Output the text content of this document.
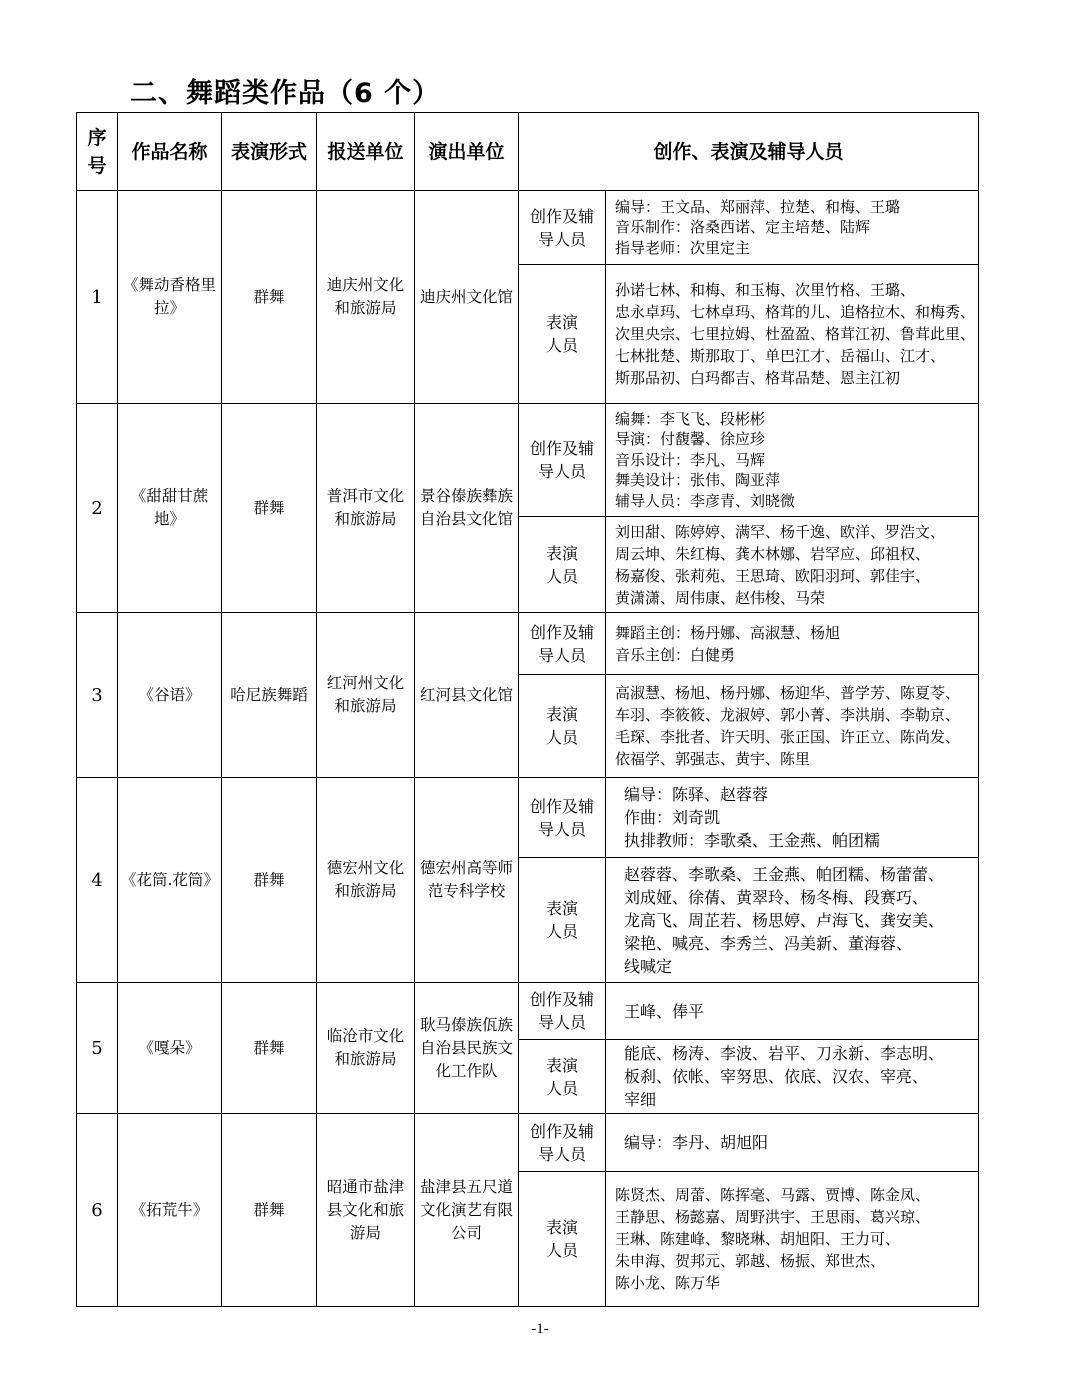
二、舞蹈类作品（6 个）
序号	作品名称	表演形式	报送单位	演出单位	创作、表演及辅导人员	
1	《舞动香格里拉》	群舞	迪庆州文化和旅游局	迪庆州文化馆	创作及辅导人员	编导：王文品、郑丽萍、拉楚、和梅、王璐
音乐制作：洛桑西诺、定主培楚、陆辉
指导老师：次里定主

					表演人员	孙诺七林、和梅、和玉梅、次里竹格、王璐、
忠永卓玛、七林卓玛、格茸的儿、追格拉木、和梅秀、
次里央宗、七里拉姆、杜盈盈、格茸江初、鲁茸此里、
七林批楚、斯那取丁、单巴江才、岳福山、江才、
斯那品初、白玛都吉、格茸品楚、恩主江初

2	《甜甜甘蔗地》	群舞	普洱市文化和旅游局	景谷傣族彝族自治县文化馆	创作及辅导人员	编舞：李飞飞、段彬彬
导演：付馥馨、徐应珍
音乐设计：李凡、马辉
舞美设计：张伟、陶亚萍
辅导人员：李彦青、刘晓微

					表演人员	刘田甜、陈婷婷、满罕、杨千逸、欧洋、罗浩文、
周云坤、朱红梅、龚木林娜、岩罕应、邱祖权、
杨嘉俊、张莉苑、王思琦、欧阳羽珂、郭佳宇、
黄潇潇、周伟康、赵伟梭、马荣

3	《谷语》	哈尼族舞蹈	红河州文化和旅游局	红河县文化馆	创作及辅导人员	舞蹈主创：杨丹娜、高淑慧、杨旭
音乐主创：白健勇

					表演人员	高淑慧、杨旭、杨丹娜、杨迎华、普学芳、陈夏苓、
车羽、李筱筱、龙淑婷、郭小菁、李洪崩、李勒京、
毛琛、李批者、许天明、张正国、许正立、陈尚发、
依福学、郭强志、黄宇、陈里

4	《花筒.花筒》	群舞	德宏州文化和旅游局	德宏州高等师范专科学校	创作及辅导人员	编导：陈驿、赵蓉蓉
作曲：刘奇凯
执排教师：李歌桑、王金燕、帕团糯

					表演人员	赵蓉蓉、李歌桑、王金燕、帕团糯、杨蕾蕾、
刘成娅、徐蒨、黄翠玲、杨冬梅、段赛巧、
龙高飞、周芷若、杨思婷、卢海飞、龚安美、
梁艳、喊亮、李秀兰、冯美新、董海蓉、
线喊定

5	《嘎朵》	群舞	临沧市文化和旅游局	耿马傣族佤族自治县民族文化工作队	创作及辅导人员	王峰、俸平

					表演人员	能底、杨涛、李波、岩平、刀永新、李志明、
板刹、依帐、宰努思、依底、汉农、宰亮、
宰细

6	《拓荒牛》	群舞	昭通市盐津县文化和旅游局	盐津县五尺道文化演艺有限公司	创作及辅导人员	编导：李丹、胡旭阳

					表演人员	陈贤杰、周蕾、陈挥毫、马露、贾博、陈金凤、
王静思、杨懿嘉、周野洪宇、王思雨、葛兴琼、
王琳、陈建峰、黎晓琳、胡旭阳、王力可、
朱申海、贺邦元、郭越、杨振、郑世杰、
陈小龙、陈万华
-1-
